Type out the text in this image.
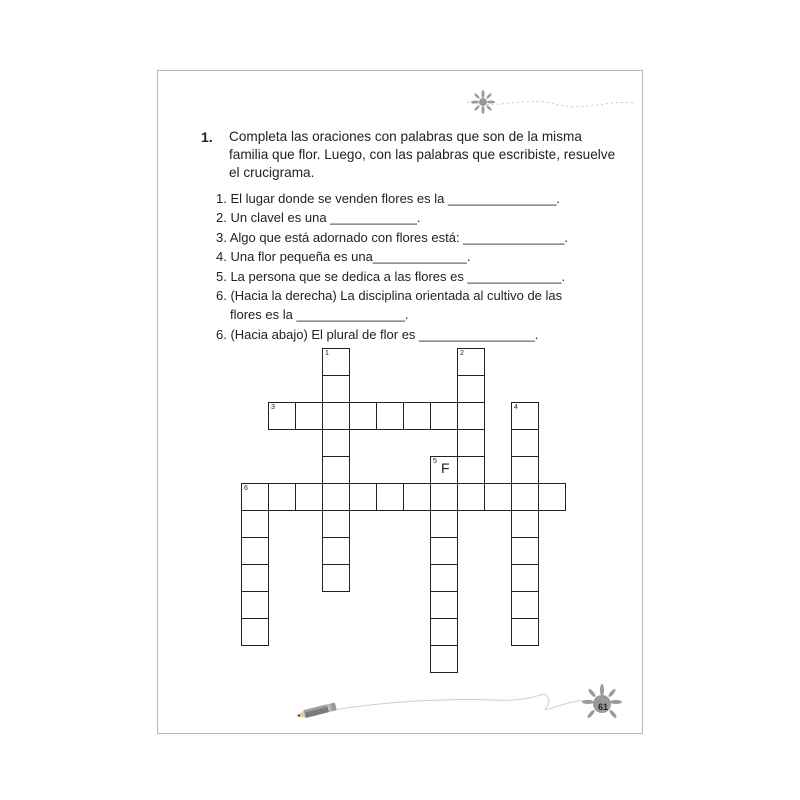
1. Completa las oraciones con palabras que son de la misma familia que flor. Luego, con las palabras que escribiste, resuelve el crucigrama.

1. El lugar donde se venden flores es la _______________.
2. Un clavel es una ____________.
3. Algo que está adornado con flores está: ______________.
4. Una flor pequeña es una_____________.
5. La persona que se dedica a las flores es _____________.
6. (Hacia la derecha) La disciplina orientada al cultivo de las
flores es la _______________.
6. (Hacia abajo) El plural de flor es ________________.
1	2
3	4
5 F
6
61
